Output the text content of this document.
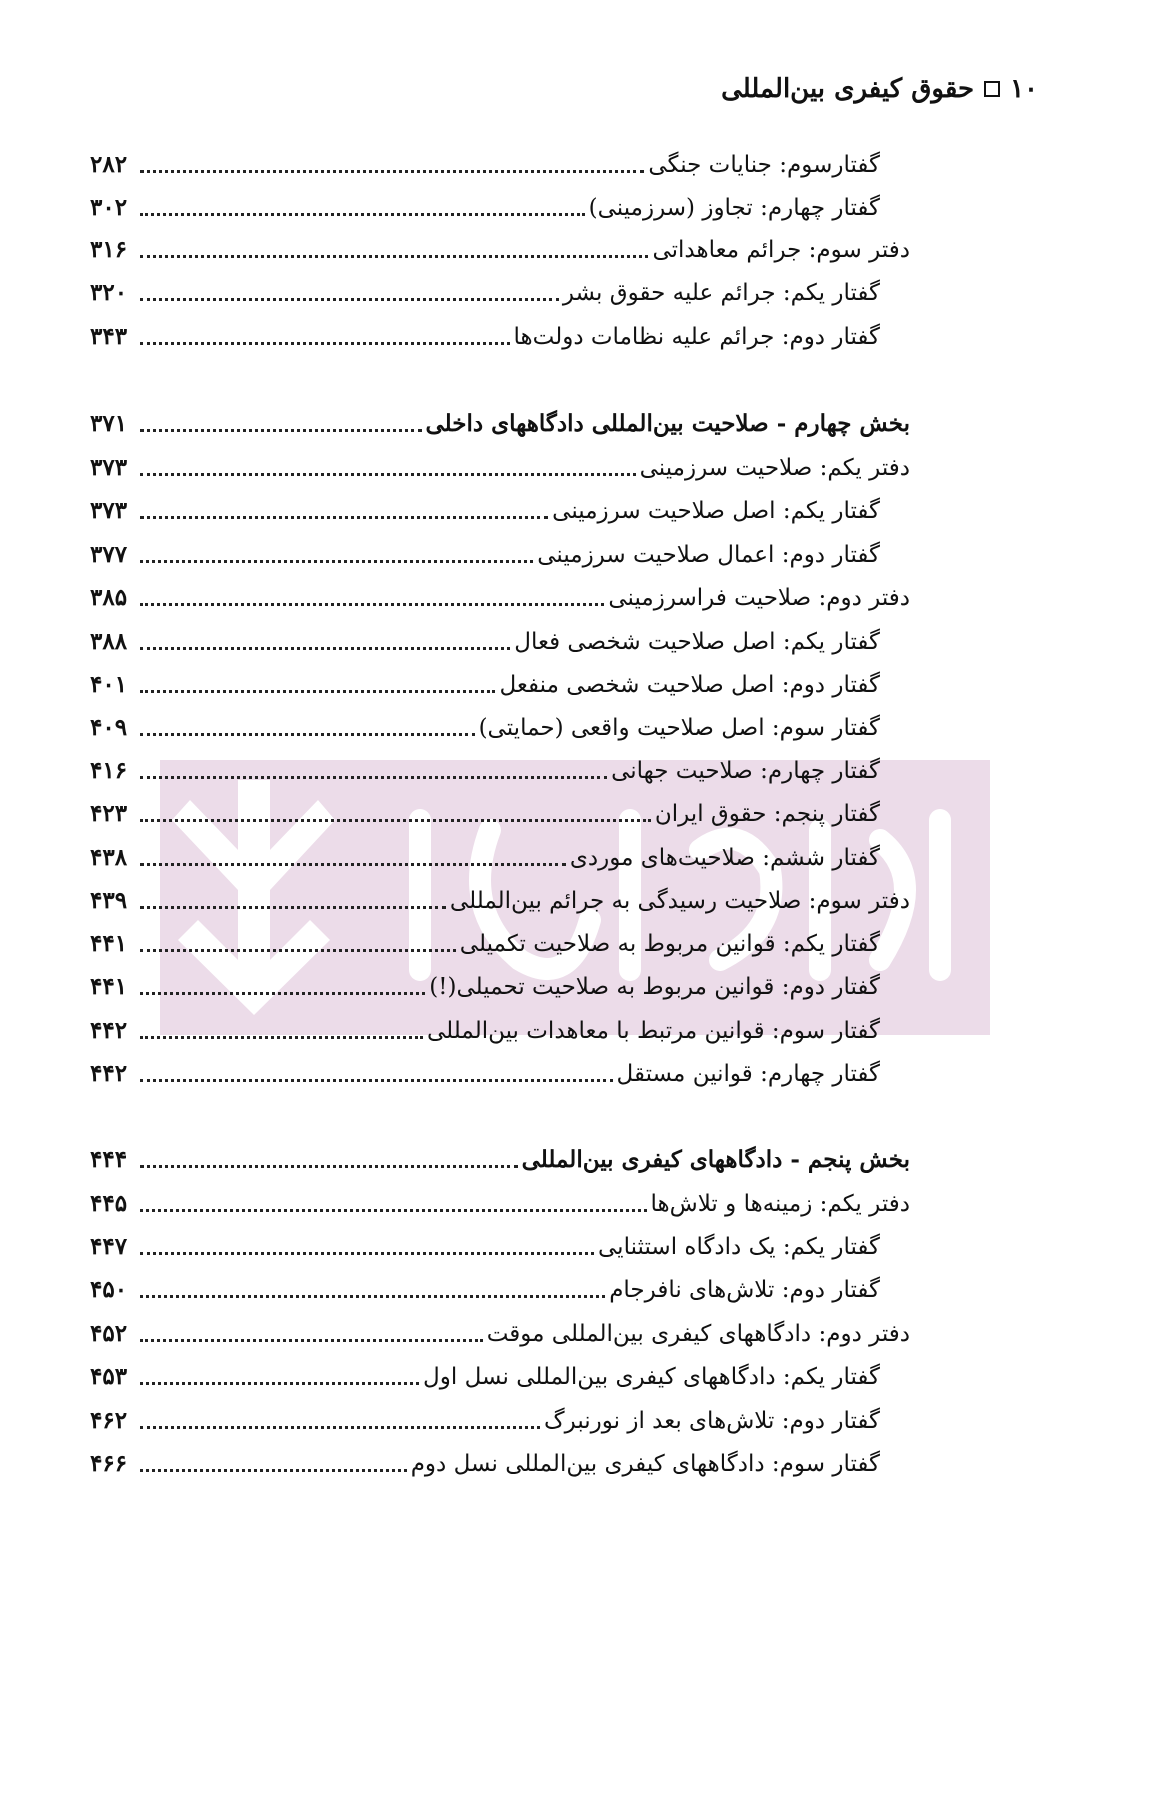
۱۰
حقوق کیفری بین‌المللی
گفتارسوم: جنایات جنگی
۲۸۲
گفتار چهارم: تجاوز (سرزمینی)
۳۰۲
دفتر سوم: جرائم معاهداتی
۳۱۶
گفتار یکم: جرائم علیه حقوق بشر
۳۲۰
گفتار دوم: جرائم علیه نظامات دولت‌ها
۳۴۳
بخش چهارم - صلاحیت بین‌المللی دادگاههای داخلی
۳۷۱
دفتر یکم: صلاحیت سرزمینی
۳۷۳
گفتار یکم: اصل صلاحیت سرزمینی
۳۷۳
گفتار دوم: اعمال صلاحیت سرزمینی
۳۷۷
دفتر دوم: صلاحیت فراسرزمینی
۳۸۵
گفتار یکم: اصل صلاحیت شخصی فعال
۳۸۸
گفتار دوم: اصل صلاحیت شخصی منفعل
۴۰۱
گفتار سوم: اصل صلاحیت واقعی (حمایتی)
۴۰۹
گفتار چهارم: صلاحیت جهانی
۴۱۶
گفتار پنجم: حقوق ایران
۴۲۳
گفتار ششم: صلاحیت‌های موردی
۴۳۸
دفتر سوم: صلاحیت رسیدگی به جرائم بین‌المللی
۴۳۹
گفتار یکم: قوانین مربوط به صلاحیت تکمیلی
۴۴۱
گفتار دوم: قوانین مربوط به صلاحیت تحمیلی(!)
۴۴۱
گفتار سوم: قوانین مرتبط با معاهدات بین‌المللی
۴۴۲
گفتار چهارم: قوانین مستقل
۴۴۲
بخش پنجم - دادگاههای کیفری بین‌المللی
۴۴۴
دفتر یکم: زمینه‌ها و تلاش‌ها
۴۴۵
گفتار یکم: یک دادگاه استثنایی
۴۴۷
گفتار دوم: تلاش‌های نافرجام
۴۵۰
دفتر دوم: دادگاههای کیفری بین‌المللی موقت
۴۵۲
گفتار یکم: دادگاههای کیفری بین‌المللی نسل اول
۴۵۳
گفتار دوم: تلاش‌های بعد از نورنبرگ
۴۶۲
گفتار سوم: دادگاههای کیفری بین‌المللی نسل دوم
۴۶۶
